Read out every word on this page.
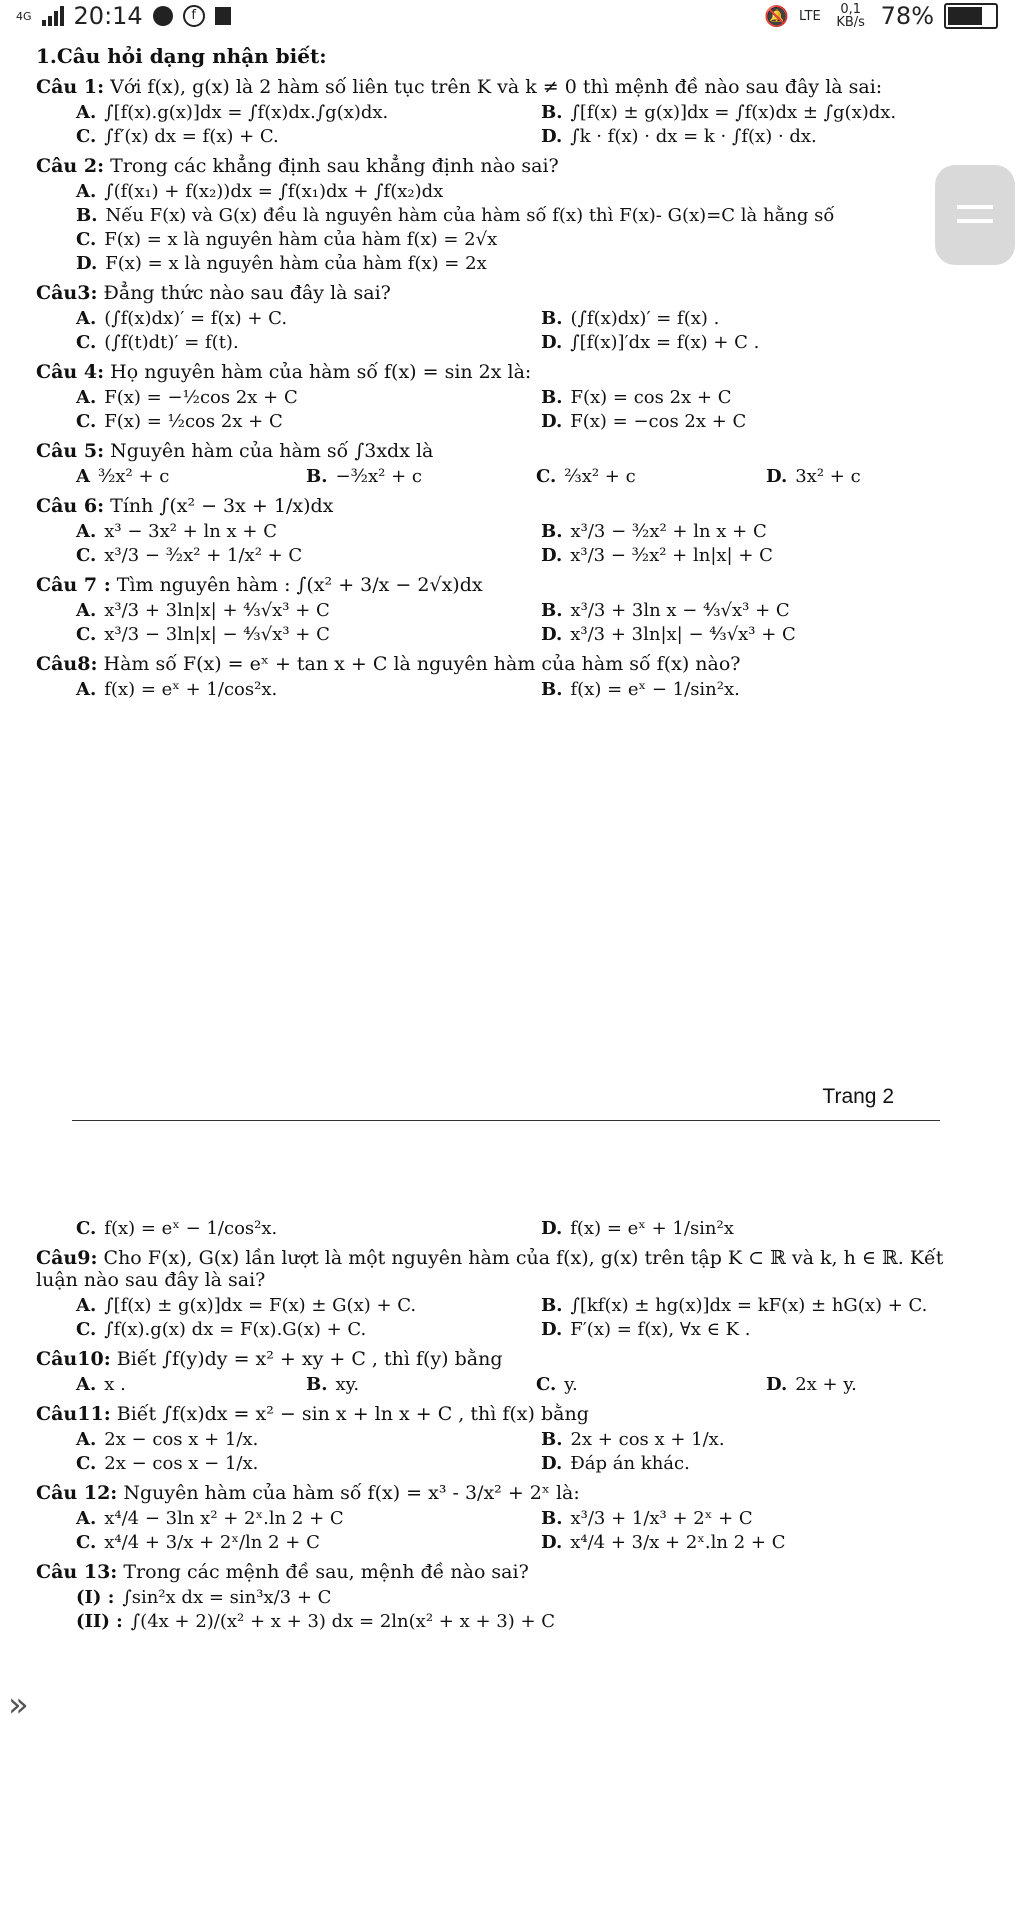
4G 20:14	f	🔕 LTE	0,1 KB/s 78%
1.Câu hỏi dạng nhận biết:
Câu 1: Với f(x), g(x) là 2 hàm số liên tục trên K và k ≠ 0 thì mệnh đề nào sau đây là sai:
A. ∫[f(x).g(x)]dx = ∫f(x)dx.∫g(x)dx.	B. ∫[f(x) ± g(x)]dx = ∫f(x)dx ± ∫g(x)dx.
C. ∫f′(x) dx = f(x) + C.	D. ∫k · f(x) · dx = k · ∫f(x) · dx.
Câu 2: Trong các khẳng định sau khẳng định nào sai?
A. ∫(f(x₁) + f(x₂))dx = ∫f(x₁)dx + ∫f(x₂)dx
B. Nếu F(x) và G(x) đều là nguyên hàm của hàm số f(x) thì F(x)- G(x)=C là hằng số
C. F(x) = x là nguyên hàm của hàm f(x) = 2√x
D. F(x) = x là nguyên hàm của hàm f(x) = 2x
Câu3: Đẳng thức nào sau đây là sai?
A. (∫f(x)dx)′ = f(x) + C.	B. (∫f(x)dx)′ = f(x) .
C. (∫f(t)dt)′ = f(t).	D. ∫[f(x)]′dx = f(x) + C .
Câu 4: Họ nguyên hàm của hàm số f(x) = sin 2x là:
A. F(x) = −½cos 2x + C	B. F(x) = cos 2x + C
C. F(x) = ½cos 2x + C	D. F(x) = −cos 2x + C
Câu 5: Nguyên hàm của hàm số ∫3xdx là
A ³⁄₂x² + c	B. −³⁄₂x² + c	C. ²⁄₃x² + c	D. 3x² + c
Câu 6: Tính ∫(x² − 3x + 1/x)dx
A. x³ − 3x² + ln x + C	B. x³/3 − ³⁄₂x² + ln x + C
C. x³/3 − ³⁄₂x² + 1/x² + C	D. x³/3 − ³⁄₂x² + ln|x| + C
Câu 7 : Tìm nguyên hàm : ∫(x² + 3/x − 2√x)dx
A. x³/3 + 3ln|x| + ⁴⁄₃√x³ + C	B. x³/3 + 3ln x − ⁴⁄₃√x³ + C
C. x³/3 − 3ln|x| − ⁴⁄₃√x³ + C	D. x³/3 + 3ln|x| − ⁴⁄₃√x³ + C
Câu8: Hàm số F(x) = eˣ + tan x + C là nguyên hàm của hàm số f(x) nào?
A. f(x) = eˣ + 1/cos²x.	B. f(x) = eˣ − 1/sin²x.
Trang 2
C. f(x) = eˣ − 1/cos²x.	D. f(x) = eˣ + 1/sin²x
Câu9: Cho F(x), G(x) lần lượt là một nguyên hàm của f(x), g(x) trên tập K ⊂ ℝ và k, h ∈ ℝ. Kết luận nào sau đây là sai?
A. ∫[f(x) ± g(x)]dx = F(x) ± G(x) + C.	B. ∫[kf(x) ± hg(x)]dx = kF(x) ± hG(x) + C.
C. ∫f(x).g(x) dx = F(x).G(x) + C.	D. F′(x) = f(x), ∀x ∈ K .
Câu10: Biết ∫f(y)dy = x² + xy + C , thì f(y) bằng
A. x .	B. xy.	C. y.	D. 2x + y.
Câu11: Biết ∫f(x)dx = x² − sin x + ln x + C , thì f(x) bằng
A. 2x − cos x + 1/x.	B. 2x + cos x + 1/x.
C. 2x − cos x − 1/x.	D. Đáp án khác.
Câu 12: Nguyên hàm của hàm số f(x) = x³ - 3/x² + 2ˣ là:
A. x⁴/4 − 3ln x² + 2ˣ.ln 2 + C	B. x³/3 + 1/x³ + 2ˣ + C
C. x⁴/4 + 3/x + 2ˣ/ln 2 + C	D. x⁴/4 + 3/x + 2ˣ.ln 2 + C
Câu 13: Trong các mệnh đề sau, mệnh đề nào sai?
(I) : ∫sin²x dx = sin³x/3 + C
(II) : ∫(4x + 2)/(x² + x + 3) dx = 2ln(x² + x + 3) + C
»
